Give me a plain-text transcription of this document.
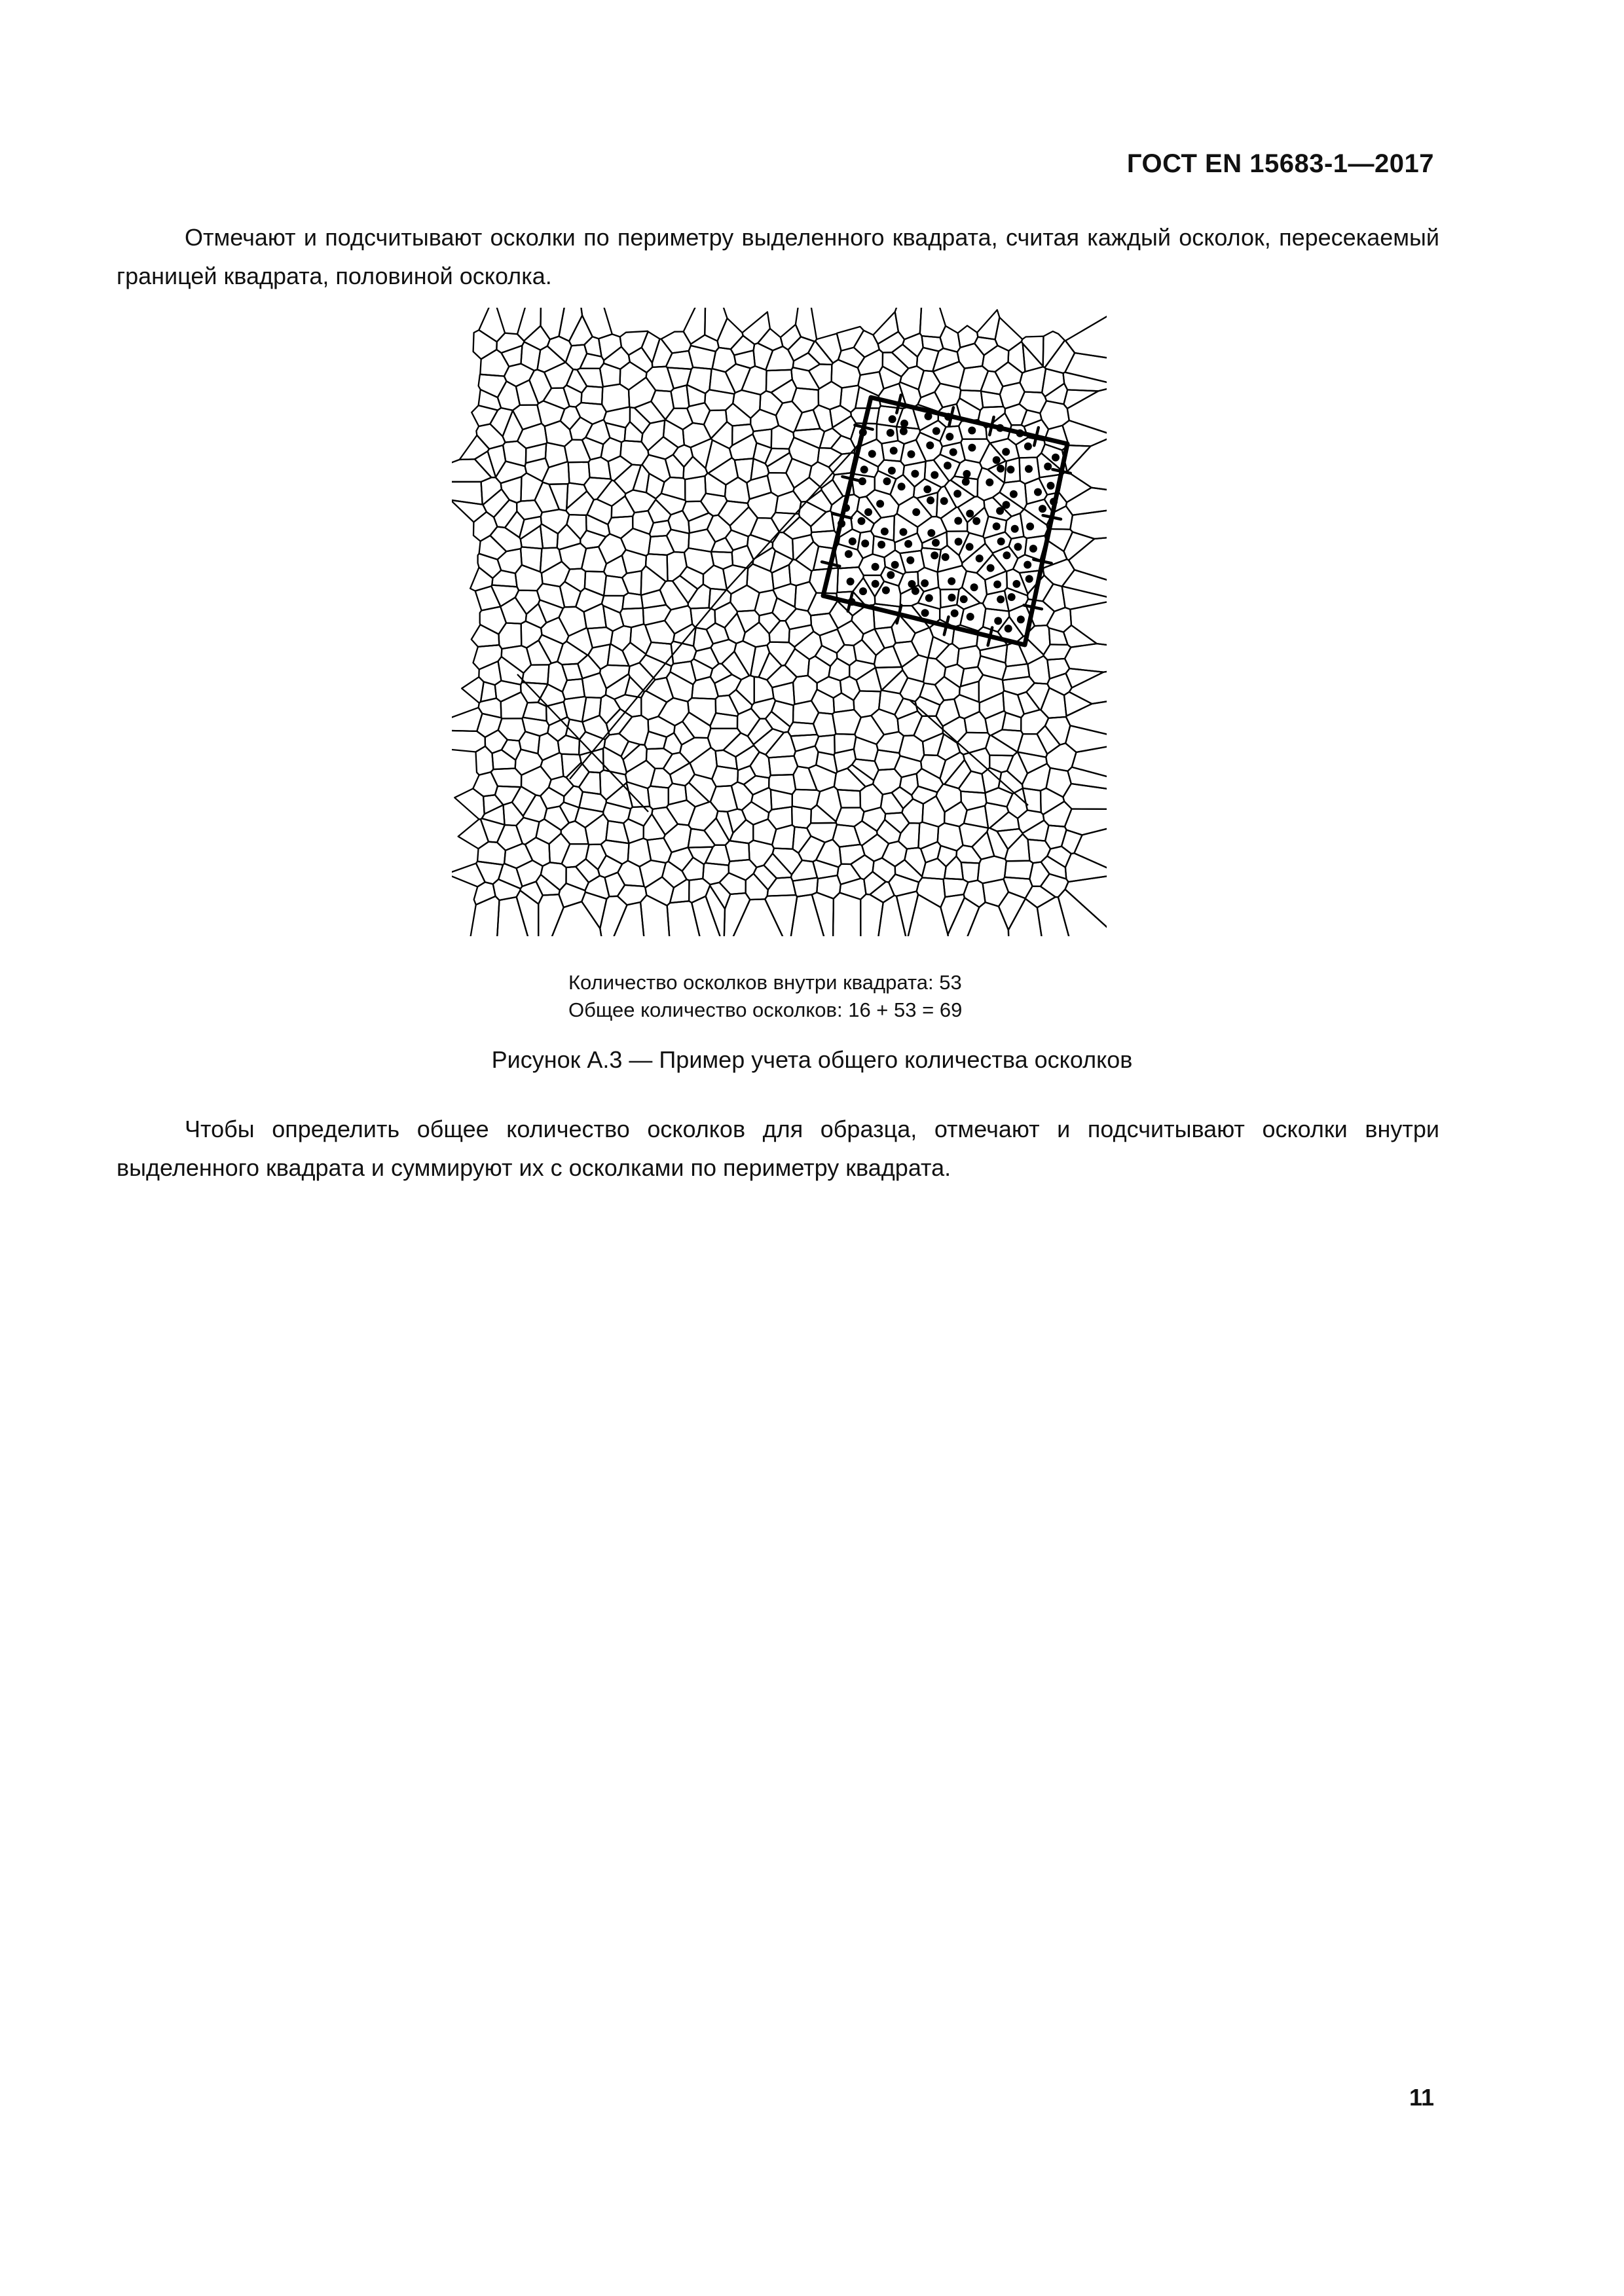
ГОСТ EN 15683-1—2017

Отмечают и подсчитывают осколки по периметру выделенного квадрата, считая каждый осколок, пересекаемый границей квадрата, половиной осколка.

Количество осколков внутри квадрата: 53
Общее количество осколков: 16 + 53 = 69
Рисунок А.3 — Пример учета общего количества осколков

Чтобы определить общее количество осколков для образца, отмечают и подсчитывают осколки внутри выделенного квадрата и суммируют их с осколками по периметру квадрата.

11
